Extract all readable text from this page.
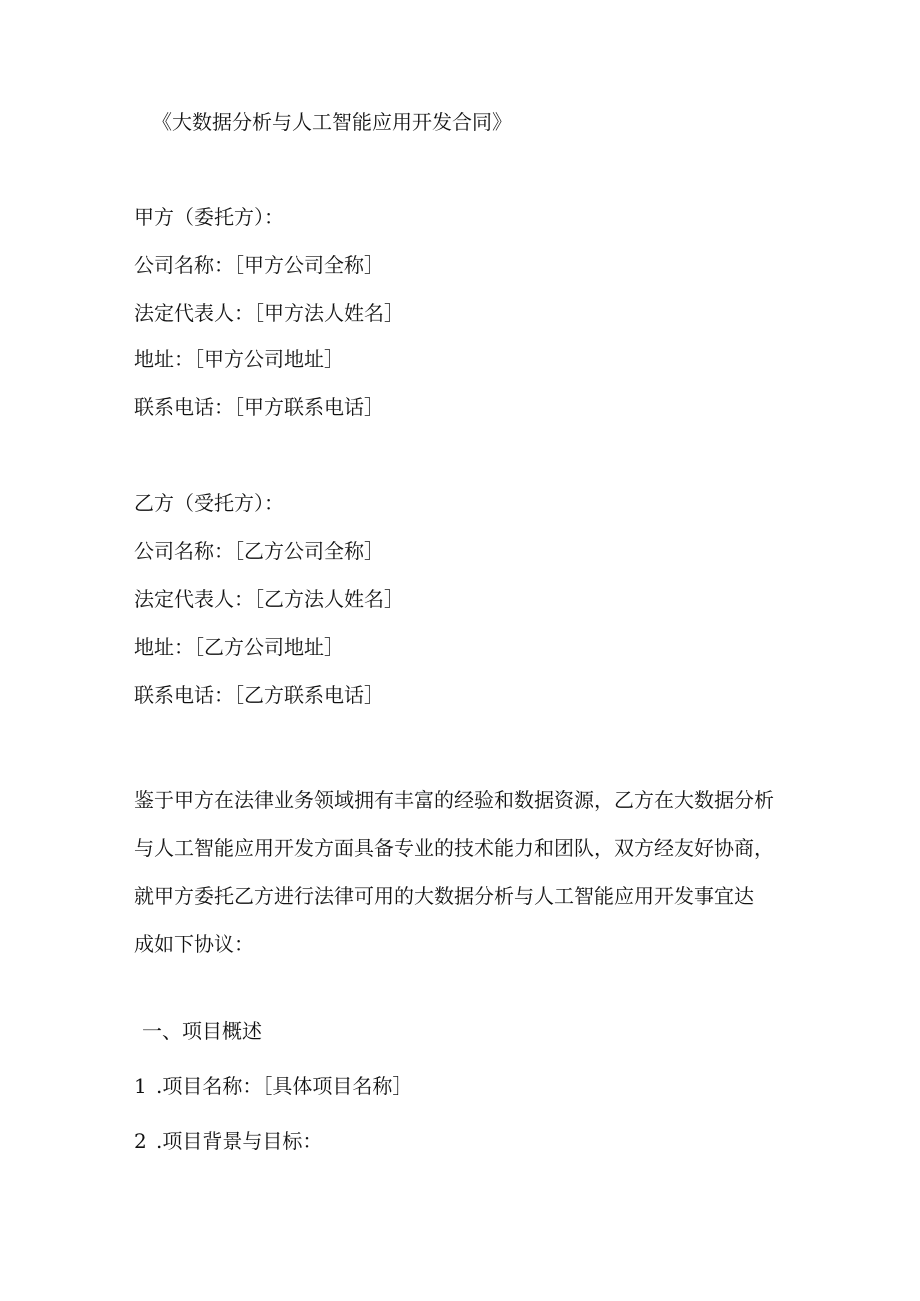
《大数据分析与人工智能应用开发合同》
甲方（委托方）：
公司名称：［甲方公司全称］
法定代表人：［甲方法人姓名］
地址：［甲方公司地址］
联系电话：［甲方联系电话］
乙方（受托方）：
公司名称：［乙方公司全称］
法定代表人：［乙方法人姓名］
地址：［乙方公司地址］
联系电话：［乙方联系电话］
鉴于甲方在法律业务领域拥有丰富的经验和数据资源，乙方在大数据分析
与人工智能应用开发方面具备专业的技术能力和团队，双方经友好协商，
就甲方委托乙方进行法律可用的大数据分析与人工智能应用开发事宜达
成如下协议：
一、项目概述
1 .项目名称：［具体项目名称］
2 .项目背景与目标：
